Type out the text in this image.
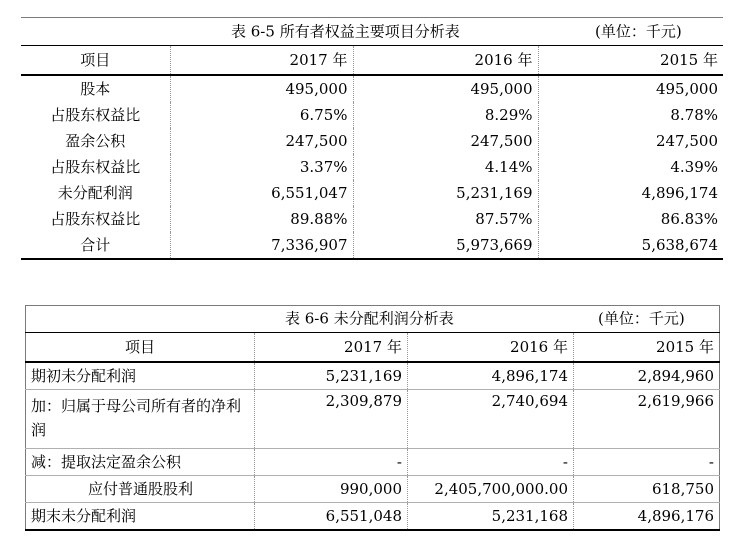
表 6-5 所有者权益主要项目分析表 (单位：千元)			

项目	2017 年	2016 年	2015 年
股本	495,000	495,000	495,000
占股东权益比	6.75%	8.29%	8.78%
盈余公积	247,500	247,500	247,500
占股东权益比	3.37%	4.14%	4.39%
未分配利润	6,551,047	5,231,169	4,896,174
占股东权益比	89.88%	87.57%	86.83%
合计	7,336,907	5,973,669	5,638,674
表 6-6 未分配利润分析表 (单位：千元)			

项目	2017 年	2016 年	2015 年
期初未分配利润	5,231,169	4,896,174	2,894,960
加：归属于母公司所有者的净利润	2,309,879	2,740,694	2,619,966
减：提取法定盈余公积	-	-	-
应付普通股股利	990,000	2,405,700,000.00	618,750
期末未分配利润	6,551,048	5,231,168	4,896,176
